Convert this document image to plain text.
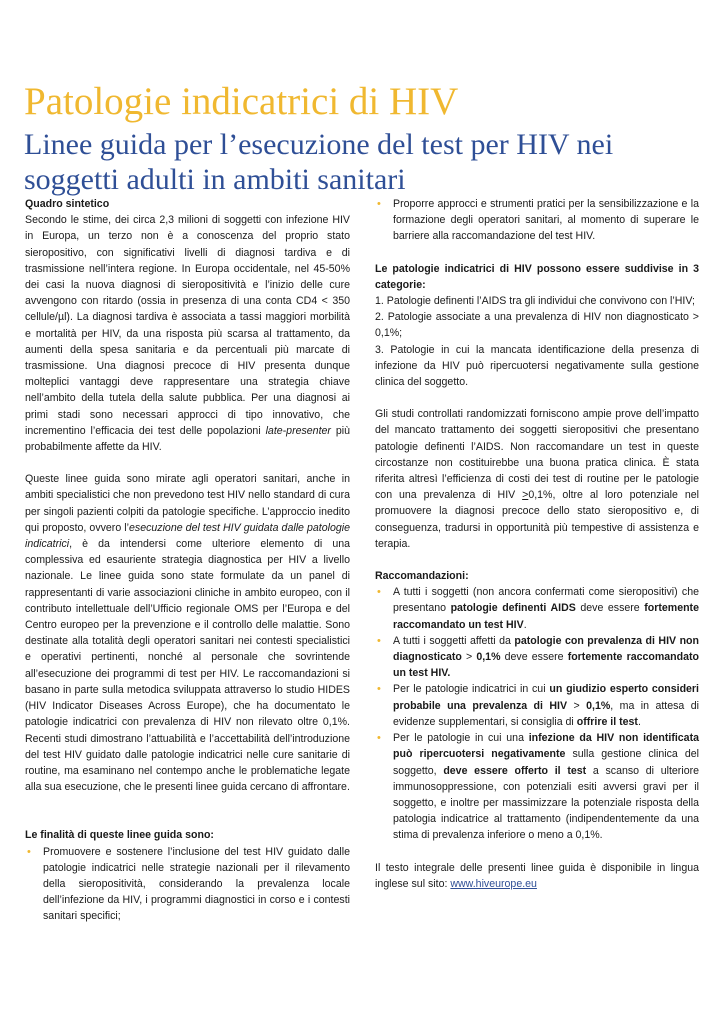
Patologie indicatrici di HIV
Linee guida per l’esecuzione del test per HIV nei soggetti adulti in ambiti sanitari

Quadro sintetico

Secondo le stime, dei circa 2,3 milioni di soggetti con infezione HIV in Europa, un terzo non è a conoscenza del proprio stato sieropositivo, con significativi livelli di diagnosi tardiva e di trasmissione nell’intera regione. In Europa occidentale, nel 45-50% dei casi la nuova diagnosi di sieropositività e l’inizio delle cure avvengono con ritardo (ossia in presenza di una conta CD4 < 350 cellule/µl). La diagnosi tardiva è associata a tassi maggiori morbilità e mortalità per HIV, da una risposta più scarsa al trattamento, da aumenti della spesa sanitaria e da percentuali più marcate di trasmissione. Una diagnosi precoce di HIV presenta dunque molteplici vantaggi deve rappresentare una strategia chiave nell’ambito della tutela della salute pubblica. Per una diagnosi ai primi stadi sono necessari approcci di tipo innovativo, che incrementino l’efficacia dei test delle popolazioni late-presenter più probabilmente affette da HIV.

Queste linee guida sono mirate agli operatori sanitari, anche in ambiti specialistici che non prevedono test HIV nello standard di cura per singoli pazienti colpiti da patologie specifiche. L’approccio inedito qui proposto, ovvero l’esecuzione del test HIV guidata dalle patologie indicatrici, è da intendersi come ulteriore elemento di una complessiva ed esauriente strategia diagnostica per HIV a livello nazionale. Le linee guida sono state formulate da un panel di rappresentanti di varie associazioni cliniche in ambito europeo, con il contributo intellettuale dell’Ufficio regionale OMS per l’Europa e del Centro europeo per la prevenzione e il controllo delle malattie. Sono destinate alla totalità degli operatori sanitari nei contesti specialistici e operativi pertinenti, nonché al personale che sovrintende all’esecuzione dei programmi di test per HIV. Le raccomandazioni si basano in parte sulla metodica sviluppata attraverso lo studio HIDES (HIV Indicator Diseases Across Europe), che ha documentato le patologie indicatrici con prevalenza di HIV non rilevato oltre 0,1%. Recenti studi dimostrano l’attuabilità e l’accettabilità dell’introduzione del test HIV guidato dalle patologie indicatrici nelle cure sanitarie di routine, ma esaminano nel contempo anche le problematiche legate alla sua esecuzione, che le presenti linee guida cercano di affrontare.

Le finalità di queste linee guida sono:

• Promuovere e sostenere l’inclusione del test HIV guidato dalle patologie indicatrici nelle strategie nazionali per il rilevamento della sieropositività, considerando la prevalenza locale dell’infezione da HIV, i programmi diagnostici in corso e i contesti sanitari specifici;
• Proporre approcci e strumenti pratici per la sensibilizzazione e la formazione degli operatori sanitari, al momento di superare le barriere alla raccomandazione del test HIV.

Le patologie indicatrici di HIV possono essere suddivise in 3 categorie:

1. Patologie definenti l’AIDS tra gli individui che convivono con l’HIV;

2. Patologie associate a una prevalenza di HIV non diagnosticato > 0,1%;

3. Patologie in cui la mancata identificazione della presenza di infezione da HIV può ripercuotersi negativamente sulla gestione clinica del soggetto.

Gli studi controllati randomizzati forniscono ampie prove dell’impatto del mancato trattamento dei soggetti sieropositivi che presentano patologie definenti l’AIDS. Non raccomandare un test in queste circostanze non costituirebbe una buona pratica clinica. È stata riferita altresì l’efficienza di costi dei test di routine per le patologie con una prevalenza di HIV ≥0,1%, oltre al loro potenziale nel promuovere la diagnosi precoce dello stato sieropositivo e, di conseguenza, tradursi in opportunità più tempestive di assistenza e terapia.

Raccomandazioni:

• A tutti i soggetti (non ancora confermati come sieropositivi) che presentano patologie definenti AIDS deve essere fortemente raccomandato un test HIV.
• A tutti i soggetti affetti da patologie con prevalenza di HIV non diagnosticato > 0,1% deve essere fortemente raccomandato un test HIV.
• Per le patologie indicatrici in cui un giudizio esperto consideri probabile una prevalenza di HIV > 0,1%, ma in attesa di evidenze supplementari, si consiglia di offrire il test.
• Per le patologie in cui una infezione da HIV non identificata può ripercuotersi negativamente sulla gestione clinica del soggetto, deve essere offerto il test a scanso di ulteriore immunosoppressione, con potenziali esiti avversi gravi per il soggetto, e inoltre per massimizzare la potenziale risposta della patologia indicatrice al trattamento (indipendentemente da una stima di prevalenza inferiore o meno a 0,1%.

Il testo integrale delle presenti linee guida è disponibile in lingua inglese sul sito: www.hiveurope.eu
